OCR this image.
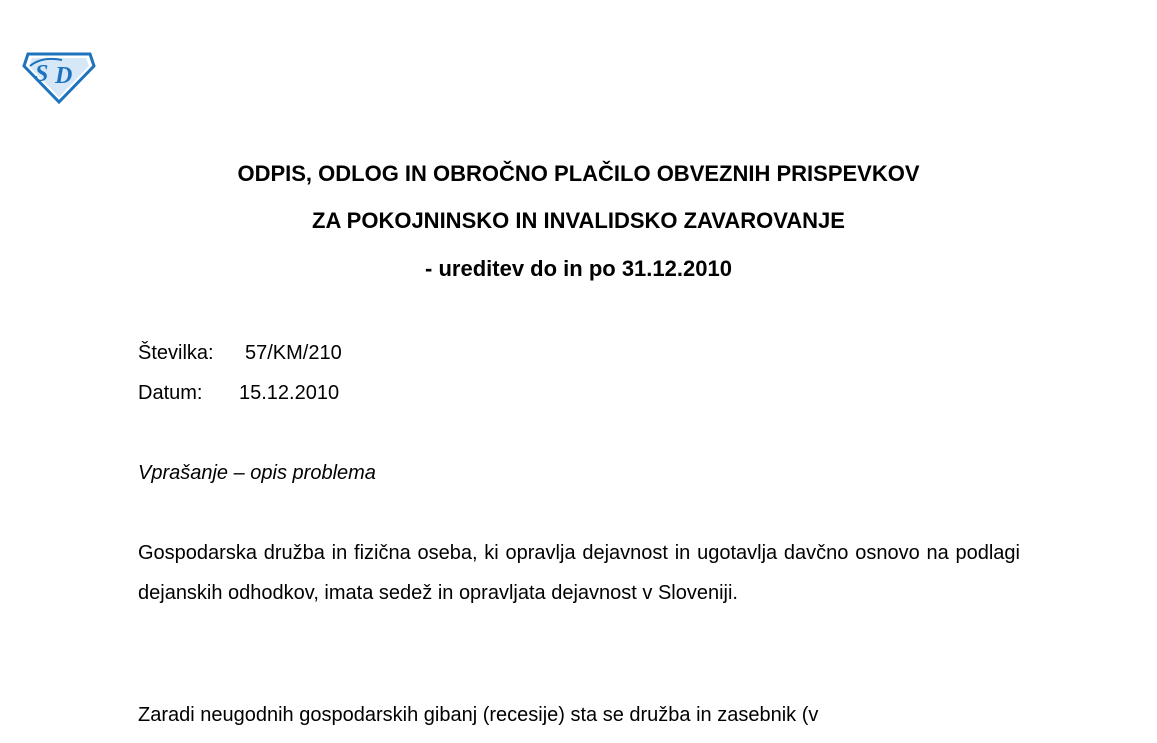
S D
ODPIS, ODLOG IN OBROČNO PLAČILO OBVEZNIH PRISPEVKOV
ZA POKOJNINSKO IN INVALIDSKO ZAVAROVANJE
- ureditev do in po 31.12.2010
Številka: 57/KM/210
Datum: 15.12.2010
Vprašanje – opis problema

Gospodarska družba in fizična oseba, ki opravlja dejavnost in ugotavlja davčno osnovo na podlagi dejanskih odhodkov, imata sedež in opravljata dejavnost v Sloveniji.

Zaradi neugodnih gospodarskih gibanj (recesije) sta se družba in zasebnik (v
